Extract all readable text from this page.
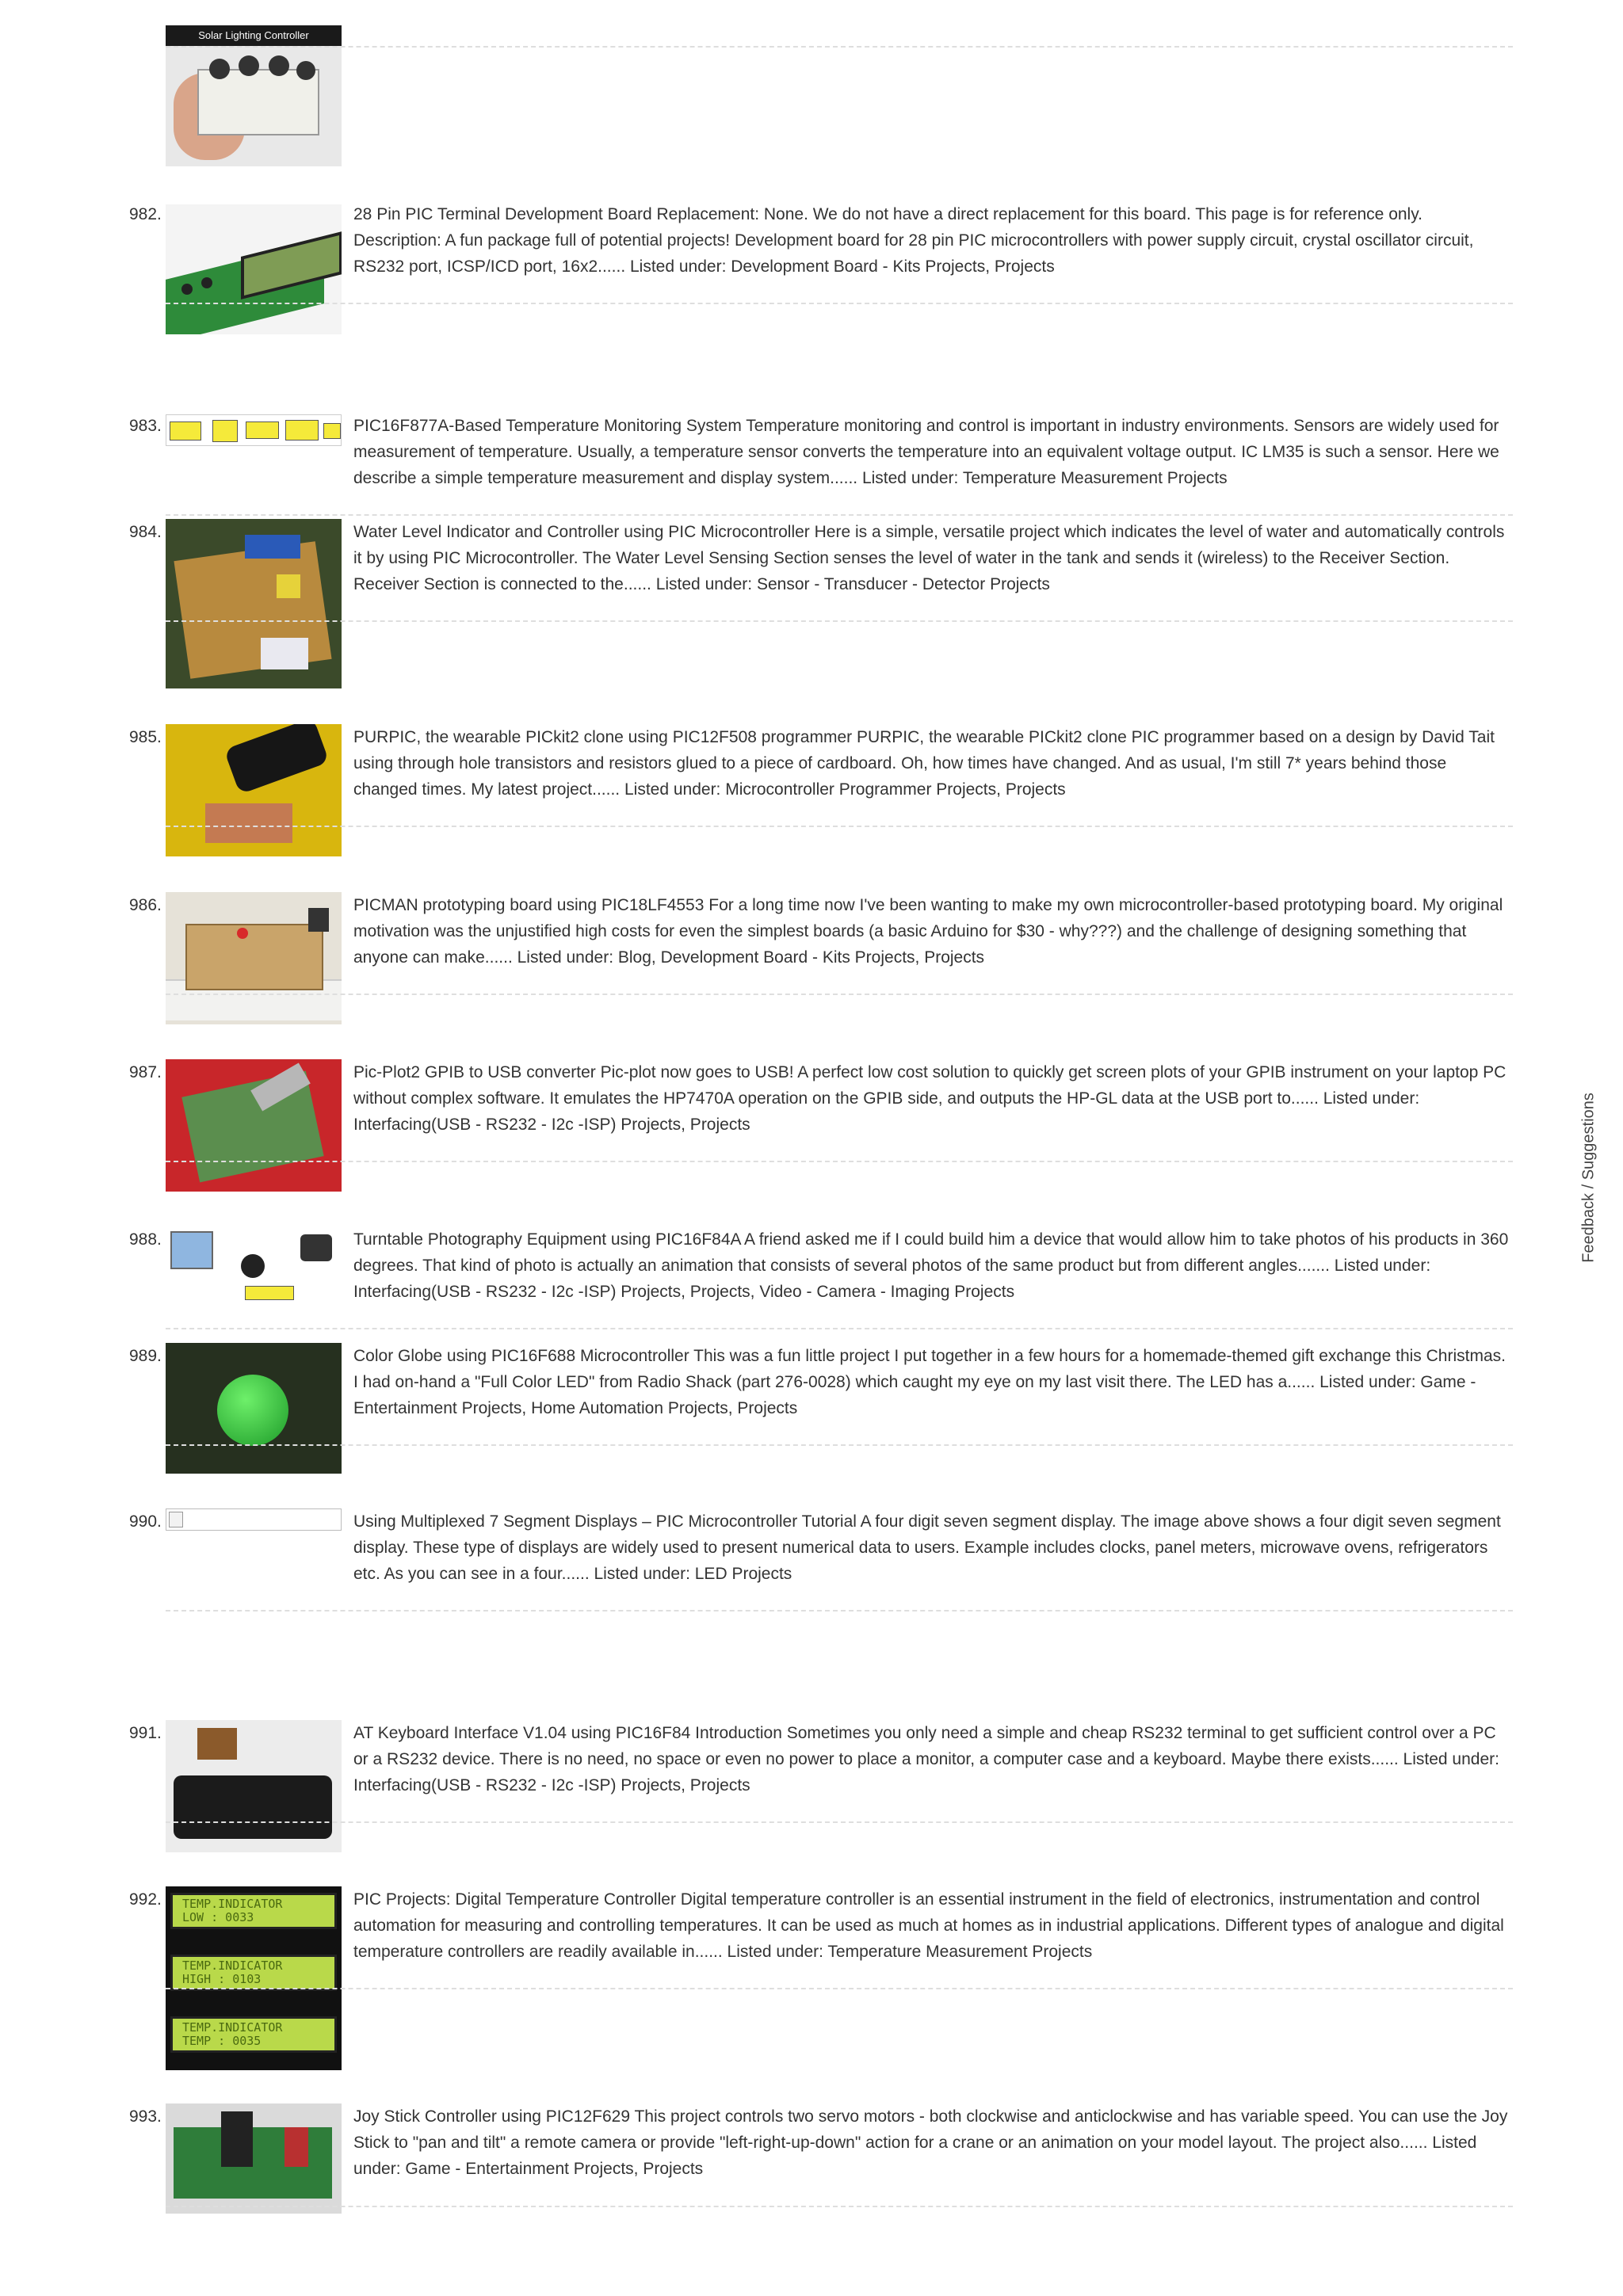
Solar Lighting Controller
982.	28 Pin PIC Terminal Development Board Replacement: None. We do not have a direct replacement for this board. This page is for reference only. Description: A fun package full of potential projects! Development board for 28 pin PIC microcontrollers with power supply circuit, crystal oscillator circuit, RS232 port, ICSP/ICD port, 16x2...... Listed under: Development Board - Kits Projects, Projects
983.	PIC16F877A-Based Temperature Monitoring System Temperature monitoring and control is important in industry environments. Sensors are widely used for measurement of temperature. Usually, a temperature sensor converts the temperature into an equivalent voltage output. IC LM35 is such a sensor. Here we describe a simple temperature measurement and display system...... Listed under: Temperature Measurement Projects
984.	Water Level Indicator and Controller using PIC Microcontroller Here is a simple, versatile project which indicates the level of water and automatically controls it by using PIC Microcontroller. The Water Level Sensing Section senses the level of water in the tank and sends it (wireless) to the Receiver Section. Receiver Section is connected to the...... Listed under: Sensor - Transducer - Detector Projects
985.	PURPIC, the wearable PICkit2 clone using PIC12F508 programmer PURPIC, the wearable PICkit2 clone PIC programmer based on a design by David Tait using through hole transistors and resistors glued to a piece of cardboard. Oh, how times have changed. And as usual, I'm still 7* years behind those changed times. My latest project...... Listed under: Microcontroller Programmer Projects, Projects
986.	PICMAN prototyping board using PIC18LF4553 For a long time now I've been wanting to make my own microcontroller-based prototyping board. My original motivation was the unjustified high costs for even the simplest boards (a basic Arduino for $30 - why???) and the challenge of designing something that anyone can make...... Listed under: Blog, Development Board - Kits Projects, Projects
987.	Pic-Plot2 GPIB to USB converter Pic-plot now goes to USB! A perfect low cost solution to quickly get screen plots of your GPIB instrument on your laptop PC without complex software. It emulates the HP7470A operation on the GPIB side, and outputs the HP-GL data at the USB port to...... Listed under: Interfacing(USB - RS232 - I2c -ISP) Projects, Projects
988.	Turntable Photography Equipment using PIC16F84A A friend asked me if I could build him a device that would allow him to take photos of his products in 360 degrees. That kind of photo is actually an animation that consists of several photos of the same product but from different angles....... Listed under: Interfacing(USB - RS232 - I2c -ISP) Projects, Projects, Video - Camera - Imaging Projects
989.	Color Globe using PIC16F688 Microcontroller This was a fun little project I put together in a few hours for a homemade-themed gift exchange this Christmas. I had on-hand a "Full Color LED" from Radio Shack (part 276-0028) which caught my eye on my last visit there. The LED has a...... Listed under: Game - Entertainment Projects, Home Automation Projects, Projects
990.	Using Multiplexed 7 Segment Displays – PIC Microcontroller Tutorial A four digit seven segment display. The image above shows a four digit seven segment display. These type of displays are widely used to present numerical data to users. Example includes clocks, panel meters, microwave ovens, refrigerators etc. As you can see in a four...... Listed under: LED Projects
991.	AT Keyboard Interface V1.04 using PIC16F84 Introduction Sometimes you only need a simple and cheap RS232 terminal to get sufficient control over a PC or a RS232 device. There is no need, no space or even no power to place a monitor, a computer case and a keyboard. Maybe there exists...... Listed under: Interfacing(USB - RS232 - I2c -ISP) Projects, Projects
992. TEMP.INDICATOR
LOW : 0033
TEMP.INDICATOR
HIGH : 0103
TEMP.INDICATOR
TEMP : 0035
PIC Projects: Digital Temperature Controller Digital temperature controller is an essential instrument in the field of electronics, instrumentation and control automation for measuring and controlling temperatures. It can be used as much at homes as in industrial applications. Different types of analogue and digital temperature controllers are readily available in...... Listed under: Temperature Measurement Projects
993.	Joy Stick Controller using PIC12F629 This project controls two servo motors - both clockwise and anticlockwise and has variable speed. You can use the Joy Stick to "pan and tilt" a remote camera or provide "left-right-up-down" action for a crane or an animation on your model layout. The project also...... Listed under: Game - Entertainment Projects, Projects
Feedback / Suggestions
